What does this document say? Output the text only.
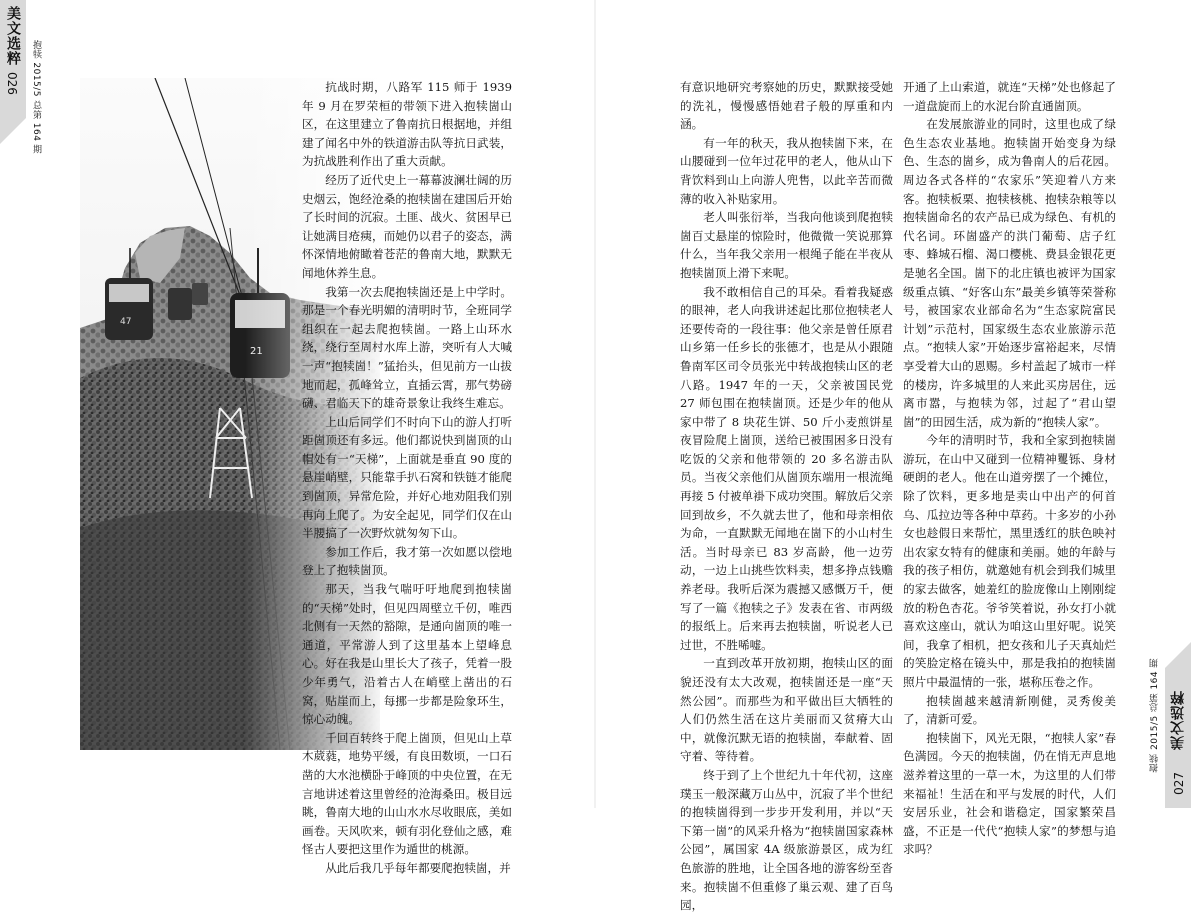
美文选粹
026 抱犊 2015/5 总第 164 期	抗战时期，八路军 115 师于 1939 年 9 月在罗荣桓的带领下进入抱犊崮山区，在这里建立了鲁南抗日根据地，并组建了闻名中外的铁道游击队等抗日武装，为抗战胜利作出了重大贡献。

经历了近代史上一幕幕波澜壮阔的历史烟云，饱经沧桑的抱犊崮在建国后开始了长时间的沉寂。土匪、战火、贫困早已让她满目疮痍，而她仍以君子的姿态，满怀深情地俯瞰着苍茫的鲁南大地，默默无闻地休养生息。

我第一次去爬抱犊崮还是上中学时。那是一个春光明媚的清明时节，全班同学组织在一起去爬抱犊崮。一路上山环水绕，绕行至周村水库上游，突听有人大喊一声“抱犊崮！”猛抬头，但见前方一山拔地而起，孤峰耸立，直插云霄，那气势磅礴、君临天下的雄奇景象让我终生难忘。

上山后同学们不时向下山的游人打听距崮顶还有多远。他们都说快到崮顶的山帽处有一“天梯”，上面就是垂直 90 度的悬崖峭壁，只能靠手扒石窝和铁链才能爬到崮顶，异常危险，并好心地劝阻我们别再向上爬了。为安全起见，同学们仅在山半腰搞了一次野炊就匆匆下山。

参加工作后，我才第一次如愿以偿地登上了抱犊崮顶。

那天，当我气喘吁吁地爬到抱犊崮的“天梯”处时，但见四周壁立千仞，唯西北侧有一天然的豁隙，是通向崮顶的唯一通道，平常游人到了这里基本上望峰息心。好在我是山里长大了孩子，凭着一股少年勇气，沿着古人在峭壁上凿出的石窝，贴崖而上，每挪一步都是险象环生，惊心动魄。

千回百转终于爬上崮顶，但见山上草木葳蕤，地势平缓，有良田数顷，一口石凿的大水池横卧于峰顶的中央位置，在无言地讲述着这里曾经的沧海桑田。极目远眺，鲁南大地的山山水水尽收眼底，美如画卷。天风吹来，顿有羽化登仙之感，难怪古人要把这里作为遁世的桃源。

从此后我几乎每年都要爬抱犊崮，并

有意识地研究考察她的历史，默默接受她的洗礼，慢慢感悟她君子般的厚重和内涵。

有一年的秋天，我从抱犊崮下来，在山腰碰到一位年过花甲的老人，他从山下背饮料到山上向游人兜售，以此辛苦而微薄的收入补贴家用。

老人叫张衍举，当我向他谈到爬抱犊崮百丈悬崖的惊险时，他微微一笑说那算什么，当年我父亲用一根绳子能在半夜从抱犊崮顶上滑下来呢。

我不敢相信自己的耳朵。看着我疑惑的眼神，老人向我讲述起比那位抱犊老人还要传奇的一段往事：他父亲是曾任原君山乡第一任乡长的张德才，也是从小跟随鲁南军区司令员张光中转战抱犊山区的老八路。1947 年的一天，父亲被国民党 27 师包围在抱犊崮顶。还是少年的他从家中带了 8 块花生饼、50 斤小麦煎饼星夜冒险爬上崮顶，送给已被围困多日没有吃饭的父亲和他带领的 20 多名游击队员。当夜父亲他们从崮顶东端用一根流绳再接 5 付被单褂下成功突围。解放后父亲回到故乡，不久就去世了，他和母亲相依为命，一直默默无闻地在崮下的小山村生活。当时母亲已 83 岁高龄，他一边劳动，一边上山挑些饮料卖，想多挣点钱赡养老母。我听后深为震撼又感慨万千，便写了一篇《抱犊之子》发表在省、市两级的报纸上。后来再去抱犊崮，听说老人已过世，不胜唏嘘。

一直到改革开放初期，抱犊山区的面貌还没有太大改观，抱犊崮还是一座“天然公园”。而那些为和平做出巨大牺牲的人们仍然生活在这片美丽而又贫瘠大山中，就像沉默无语的抱犊崮，奉献着、固守着、等待着。

终于到了上个世纪九十年代初，这座璞玉一般深藏万山丛中，沉寂了半个世纪的抱犊崮得到一步步开发利用，并以“天下第一崮”的风采升格为“抱犊崮国家森林公园”，属国家 4A 级旅游景区，成为红色旅游的胜地，让全国各地的游客纷至沓来。抱犊崮不但重修了巢云观、建了百鸟园，

开通了上山索道，就连“天梯”处也修起了一道盘旋而上的水泥台阶直通崮顶。

在发展旅游业的同时，这里也成了绿色生态农业基地。抱犊崮开始变身为绿色、生态的崮乡，成为鲁南人的后花园。周边各式各样的“农家乐”笑迎着八方来客。抱犊板栗、抱犊核桃、抱犊杂粮等以抱犊崮命名的农产品已成为绿色、有机的代名词。环崮盛产的洪门葡萄、店子红枣、蜂城石榴、渴口樱桃、费县金银花更是驰名全国。崮下的北庄镇也被评为国家级重点镇、“好客山东”最美乡镇等荣誉称号，被国家农业部命名为“生态家院富民计划”示范村，国家级生态农业旅游示范点。“抱犊人家”开始逐步富裕起来，尽情享受着大山的恩赐。乡村盖起了城市一样的楼房，许多城里的人来此买房居住，远离市嚣，与抱犊为邻，过起了“君山望崮”的田园生活，成为新的“抱犊人家”。

今年的清明时节，我和全家到抱犊崮游玩，在山中又碰到一位精神矍铄、身材硬朗的老人。他在山道旁摆了一个摊位，除了饮料，更多地是卖山中出产的何首乌、瓜拉边等各种中草药。十多岁的小孙女也趁假日来帮忙，黑里透红的肤色映衬出农家女特有的健康和美丽。她的年龄与我的孩子相仿，就邀她有机会到我们城里的家去做客，她羞红的脸庞像山上刚刚绽放的粉色杏花。爷爷笑着说，孙女打小就喜欢这座山，就认为咱这山里好呢。说笑间，我拿了相机，把女孩和儿子天真灿烂的笑脸定格在镜头中，那是我拍的抱犊崮照片中最温情的一张，堪称压卷之作。

抱犊崮越来越清新刚健，灵秀俊美了，清新可爱。

抱犊崮下，风光无限，“抱犊人家”春色满园。今天的抱犊崮，仍在悄无声息地滋养着这里的一草一木，为这里的人们带来福祉！生活在和平与发展的时代，人们安居乐业，社会和谐稳定，国家繁荣昌盛，不正是一代代“抱犊人家”的梦想与追求吗？

美文选粹
027
抱犊 2015/5 总第 164 期
